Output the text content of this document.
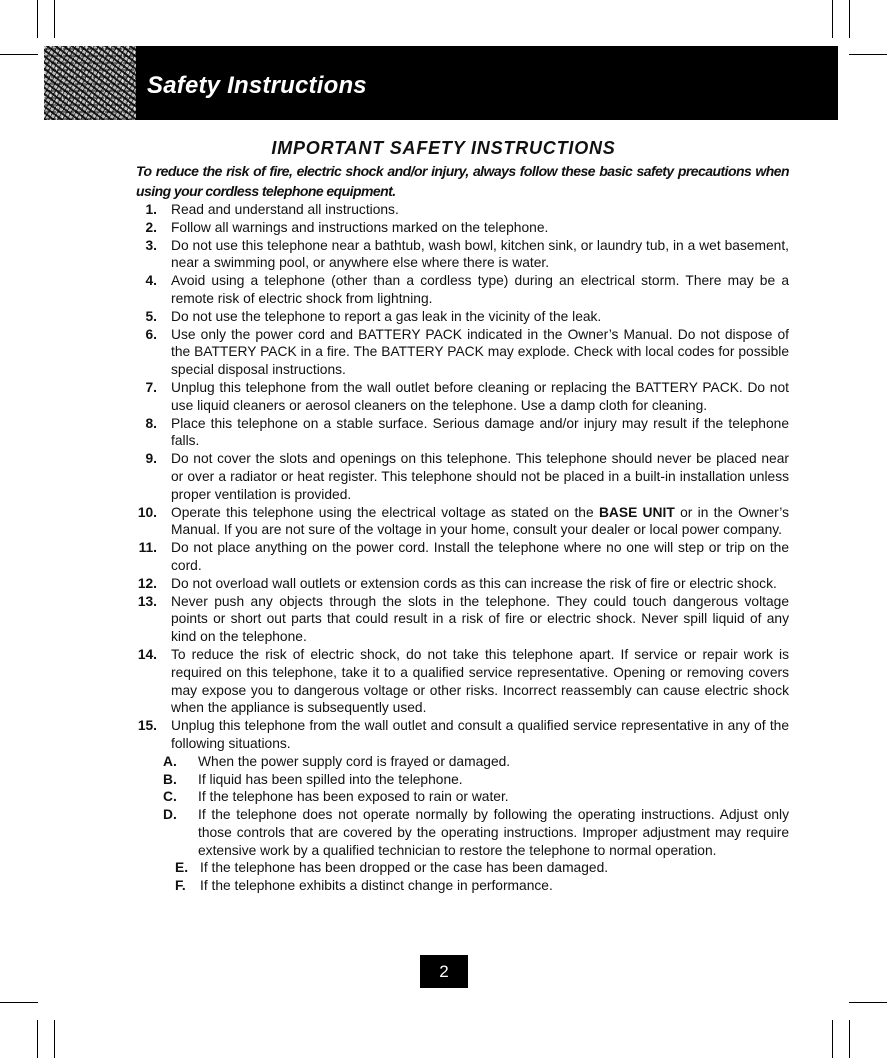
Safety Instructions
IMPORTANT SAFETY INSTRUCTIONS
To reduce the risk of fire, electric shock and/or injury, always follow these basic safety precautions when using your cordless telephone equipment.
1. Read and understand all instructions.
2. Follow all warnings and instructions marked on the telephone.
3. Do not use this telephone near a bathtub, wash bowl, kitchen sink, or laundry tub, in a wet basement, near a swimming pool, or anywhere else where there is water.
4. Avoid using a telephone (other than a cordless type) during an electrical storm. There may be a remote risk of electric shock from lightning.
5. Do not use the telephone to report a gas leak in the vicinity of the leak.
6. Use only the power cord and BATTERY PACK indicated in the Owner’s Manual. Do not dispose of the BATTERY PACK in a fire. The BATTERY PACK may explode. Check with local codes for possible special disposal instructions.
7. Unplug this telephone from the wall outlet before cleaning or replacing the BATTERY PACK. Do not use liquid cleaners or aerosol cleaners on the telephone. Use a damp cloth for cleaning.
8. Place this telephone on a stable surface. Serious damage and/or injury may result if the telephone falls.
9. Do not cover the slots and openings on this telephone. This telephone should never be placed near or over a radiator or heat register. This telephone should not be placed in a built-in installation unless proper ventilation is provided.
10. Operate this telephone using the electrical voltage as stated on the BASE UNIT or in the Owner’s Manual. If you are not sure of the voltage in your home, consult your dealer or local power company.
11. Do not place anything on the power cord. Install the telephone where no one will step or trip on the cord.
12. Do not overload wall outlets or extension cords as this can increase the risk of fire or electric shock.
13. Never push any objects through the slots in the telephone. They could touch dangerous voltage points or short out parts that could result in a risk of fire or electric shock. Never spill liquid of any kind on the telephone.
14. To reduce the risk of electric shock, do not take this telephone apart. If service or repair work is required on this telephone, take it to a qualified service representative. Opening or removing covers may expose you to dangerous voltage or other risks. Incorrect reassembly can cause electric shock when the appliance is subsequently used.
15. Unplug this telephone from the wall outlet and consult a qualified service representative in any of the following situations.
A.	When the power supply cord is frayed or damaged.
B.	If liquid has been spilled into the telephone.
C.	If the telephone has been exposed to rain or water.
D.	If the telephone does not operate normally by following the operating instructions. Adjust only those controls that are covered by the operating instructions. Improper adjustment may require extensive work by a qualified technician to restore the telephone to normal operation.
E. If the telephone has been dropped or the case has been damaged.
F.	If the telephone exhibits a distinct change in performance.
2
